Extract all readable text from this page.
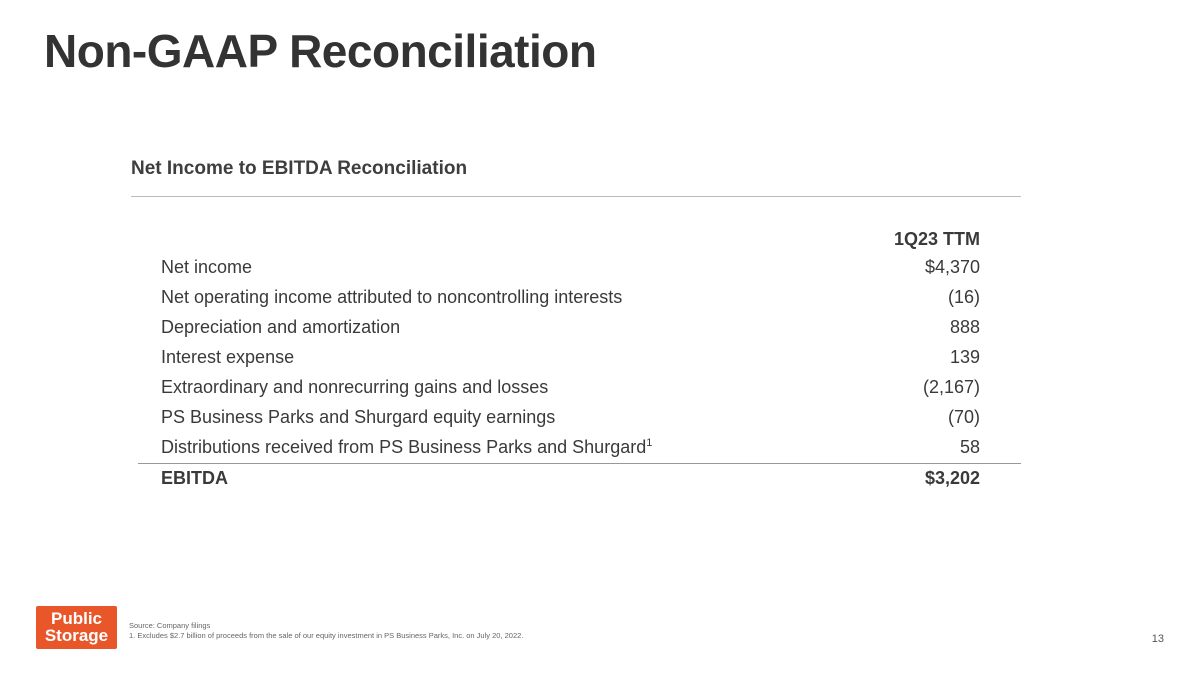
Non-GAAP Reconciliation
Net Income to EBITDA Reconciliation
1Q23 TTM
Net income	$4,370
Net operating income attributed to noncontrolling interests	(16)
Depreciation and amortization	888
Interest expense	139
Extraordinary and nonrecurring gains and losses	(2,167)
PS Business Parks and Shurgard equity earnings	(70)
Distributions received from PS Business Parks and Shurgard$^1$	58
EBITDA	$3,202
Public
Storage
Source: Company filings
1. Excludes $2.7 billion of proceeds from the sale of our equity investment in PS Business Parks, Inc. on July 20, 2022.	13
